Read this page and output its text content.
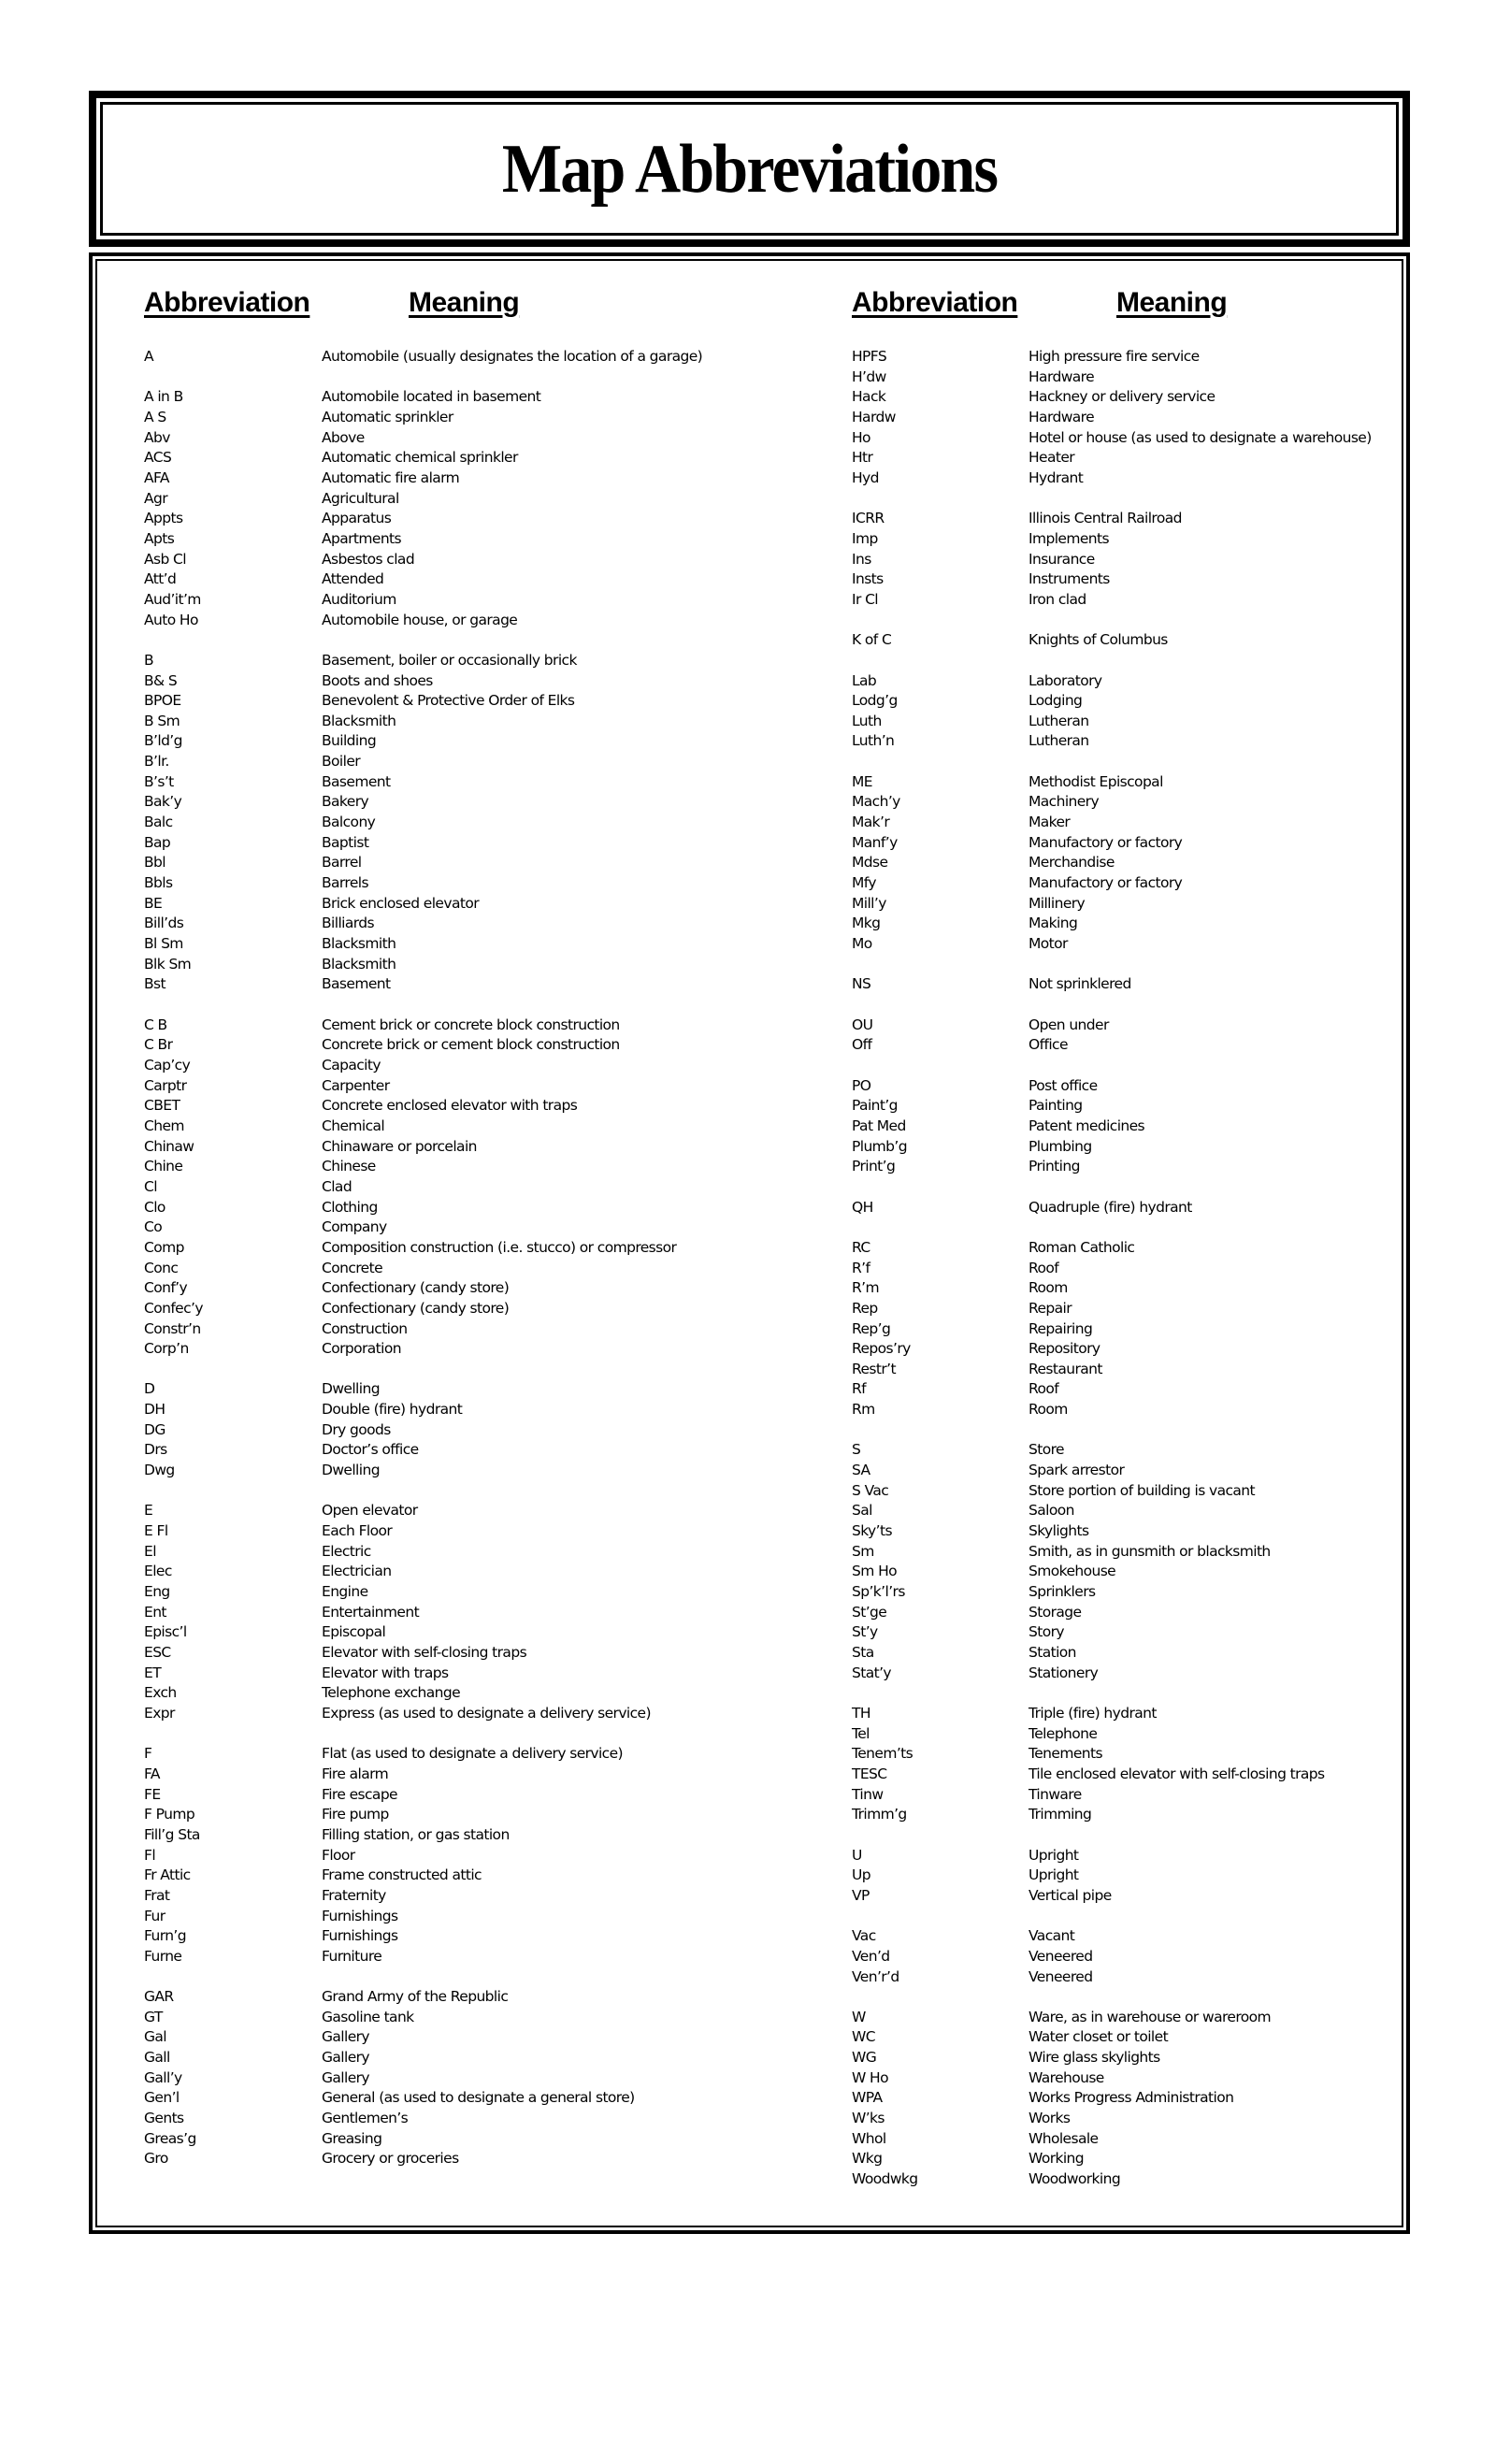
Map Abbreviations
Abbreviation	Meaning
A	Automobile (usually designates the location of a garage)
A in B	Automobile located in basement
A S	Automatic sprinkler
Abv	Above
ACS	Automatic chemical sprinkler
AFA	Automatic fire alarm
Agr	Agricultural
Appts	Apparatus
Apts	Apartments
Asb Cl	Asbestos clad
Att’d	Attended
Aud’it’m	Auditorium
Auto Ho	Automobile house, or garage
B	Basement, boiler or occasionally brick
B& S	Boots and shoes
BPOE	Benevolent & Protective Order of Elks
B Sm	Blacksmith
B’ld’g	Building
B’lr.	Boiler
B’s’t	Basement
Bak’y	Bakery
Balc	Balcony
Bap	Baptist
Bbl	Barrel
Bbls	Barrels
BE	Brick enclosed elevator
Bill’ds	Billiards
Bl Sm	Blacksmith
Blk Sm	Blacksmith
Bst	Basement
C B	Cement brick or concrete block construction
C Br	Concrete brick or cement block construction
Cap’cy	Capacity
Carptr	Carpenter
CBET	Concrete enclosed elevator with traps
Chem	Chemical
Chinaw	Chinaware or porcelain
Chine	Chinese
Cl	Clad
Clo	Clothing
Co	Company
Comp	Composition construction (i.e. stucco) or compressor
Conc	Concrete
Conf’y	Confectionary (candy store)
Confec’y	Confectionary (candy store)
Constr’n	Construction
Corp’n	Corporation
D	Dwelling
DH	Double (fire) hydrant
DG	Dry goods
Drs	Doctor’s office
Dwg	Dwelling
E	Open elevator
E Fl	Each Floor
El	Electric
Elec	Electrician
Eng	Engine
Ent	Entertainment
Episc’l	Episcopal
ESC	Elevator with self-closing traps
ET	Elevator with traps
Exch	Telephone exchange
Expr	Express (as used to designate a delivery service)
F	Flat (as used to designate a delivery service)
FA	Fire alarm
FE	Fire escape
F Pump	Fire pump
Fill’g Sta	Filling station, or gas station
Fl	Floor
Fr Attic	Frame constructed attic
Frat	Fraternity
Fur	Furnishings
Furn’g	Furnishings
Furne	Furniture
GAR	Grand Army of the Republic
GT	Gasoline tank
Gal	Gallery
Gall	Gallery
Gall’y	Gallery
Gen’l	General (as used to designate a general store)
Gents	Gentlemen’s
Greas’g	Greasing
Gro	Grocery or groceries
Abbreviation	Meaning
HPFS	High pressure fire service
H’dw	Hardware
Hack	Hackney or delivery service
Hardw	Hardware
Ho	Hotel or house (as used to designate a warehouse)
Htr	Heater
Hyd	Hydrant
ICRR	Illinois Central Railroad
Imp	Implements
Ins	Insurance
Insts	Instruments
Ir Cl	Iron clad
K of C	Knights of Columbus
Lab	Laboratory
Lodg’g	Lodging
Luth	Lutheran
Luth’n	Lutheran
ME	Methodist Episcopal
Mach’y	Machinery
Mak’r	Maker
Manf’y	Manufactory or factory
Mdse	Merchandise
Mfy	Manufactory or factory
Mill’y	Millinery
Mkg	Making
Mo	Motor
NS	Not sprinklered
OU	Open under
Off	Office
PO	Post office
Paint’g	Painting
Pat Med	Patent medicines
Plumb’g	Plumbing
Print’g	Printing
QH	Quadruple (fire) hydrant
RC	Roman Catholic
R’f	Roof
R’m	Room
Rep	Repair
Rep’g	Repairing
Repos’ry	Repository
Restr’t	Restaurant
Rf	Roof
Rm	Room
S	Store
SA	Spark arrestor
S Vac	Store portion of building is vacant
Sal	Saloon
Sky’ts	Skylights
Sm	Smith, as in gunsmith or blacksmith
Sm Ho	Smokehouse
Sp’k’l’rs	Sprinklers
St’ge	Storage
St’y	Story
Sta	Station
Stat’y	Stationery
TH	Triple (fire) hydrant
Tel	Telephone
Tenem’ts	Tenements
TESC	Tile enclosed elevator with self-closing traps
Tinw	Tinware
Trimm’g	Trimming
U	Upright
Up	Upright
VP	Vertical pipe
Vac	Vacant
Ven’d	Veneered
Ven’r’d	Veneered
W	Ware, as in warehouse or wareroom
WC	Water closet or toilet
WG	Wire glass skylights
W Ho	Warehouse
WPA	Works Progress Administration
W’ks	Works
Whol	Wholesale
Wkg	Working
Woodwkg	Woodworking
